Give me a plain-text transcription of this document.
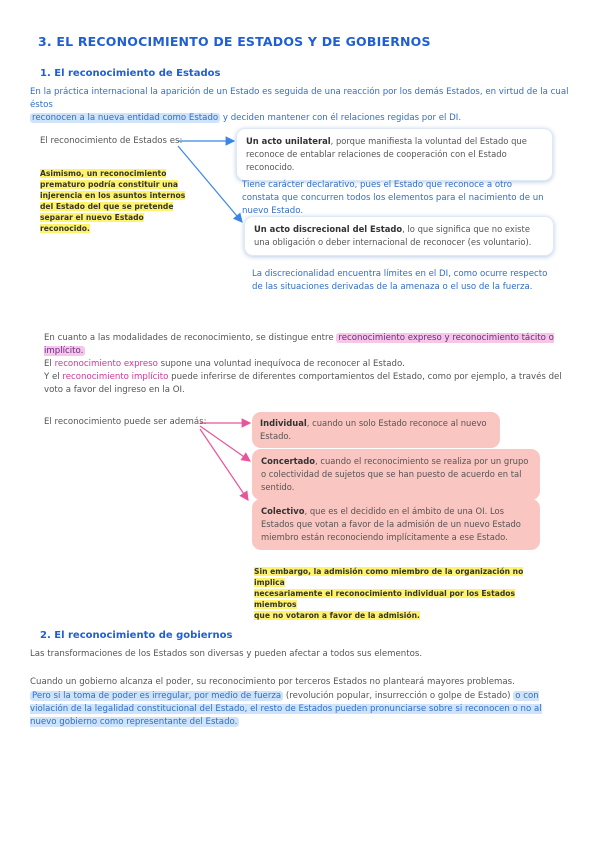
3. EL RECONOCIMIENTO DE ESTADOS Y DE GOBIERNOS
1. El reconocimiento de Estados
En la práctica internacional la aparición de un Estado es seguida de una reacción por los demás Estados, en virtud de la cual éstos
reconocen a la nueva entidad como Estado y deciden mantener con él relaciones regidas por el DI.
El reconocimiento de Estados es:
Asimismo, un reconocimiento
prematuro podría constituir una
injerencia en los asuntos internos
del Estado del que se pretende
separar el nuevo Estado reconocido.
Un acto unilateral, porque manifiesta la voluntad del Estado que reconoce de entablar relaciones de cooperación con el Estado reconocido.
Tiene carácter declarativo, pues el Estado que reconoce a otro constata que concurren todos los elementos para el nacimiento de un nuevo Estado.
Un acto discrecional del Estado, lo que significa que no existe una obligación o deber internacional de reconocer (es voluntario).
La discrecionalidad encuentra límites en el DI, como ocurre respecto de las situaciones derivadas de la amenaza o el uso de la fuerza.
En cuanto a las modalidades de reconocimiento, se distingue entre reconocimiento expreso y reconocimiento tácito o implícito.
El reconocimiento expreso supone una voluntad inequívoca de reconocer al Estado.
Y el reconocimiento implícito puede inferirse de diferentes comportamientos del Estado, como por ejemplo, a través del voto a favor del ingreso en la OI.
El reconocimiento puede ser además:	Individual, cuando un solo Estado reconoce al nuevo Estado.
Concertado, cuando el reconocimiento se realiza por un grupo o colectividad de sujetos que se han puesto de acuerdo en tal sentido.
Colectivo, que es el decidido en el ámbito de una OI. Los Estados que votan a favor de la admisión de un nuevo Estado miembro están reconociendo implícitamente a ese Estado.
Sin embargo, la admisión como miembro de la organización no implica
necesariamente el reconocimiento individual por los Estados miembros
que no votaron a favor de la admisión.
2. El reconocimiento de gobiernos
Las transformaciones de los Estados son diversas y pueden afectar a todos sus elementos.
Cuando un gobierno alcanza el poder, su reconocimiento por terceros Estados no planteará mayores problemas.
Pero si la toma de poder es irregular, por medio de fuerza (revolución popular, insurrección o golpe de Estado) o con violación de la legalidad constitucional del Estado, el resto de Estados pueden pronunciarse sobre si reconocen o no al nuevo gobierno como representante del Estado.
